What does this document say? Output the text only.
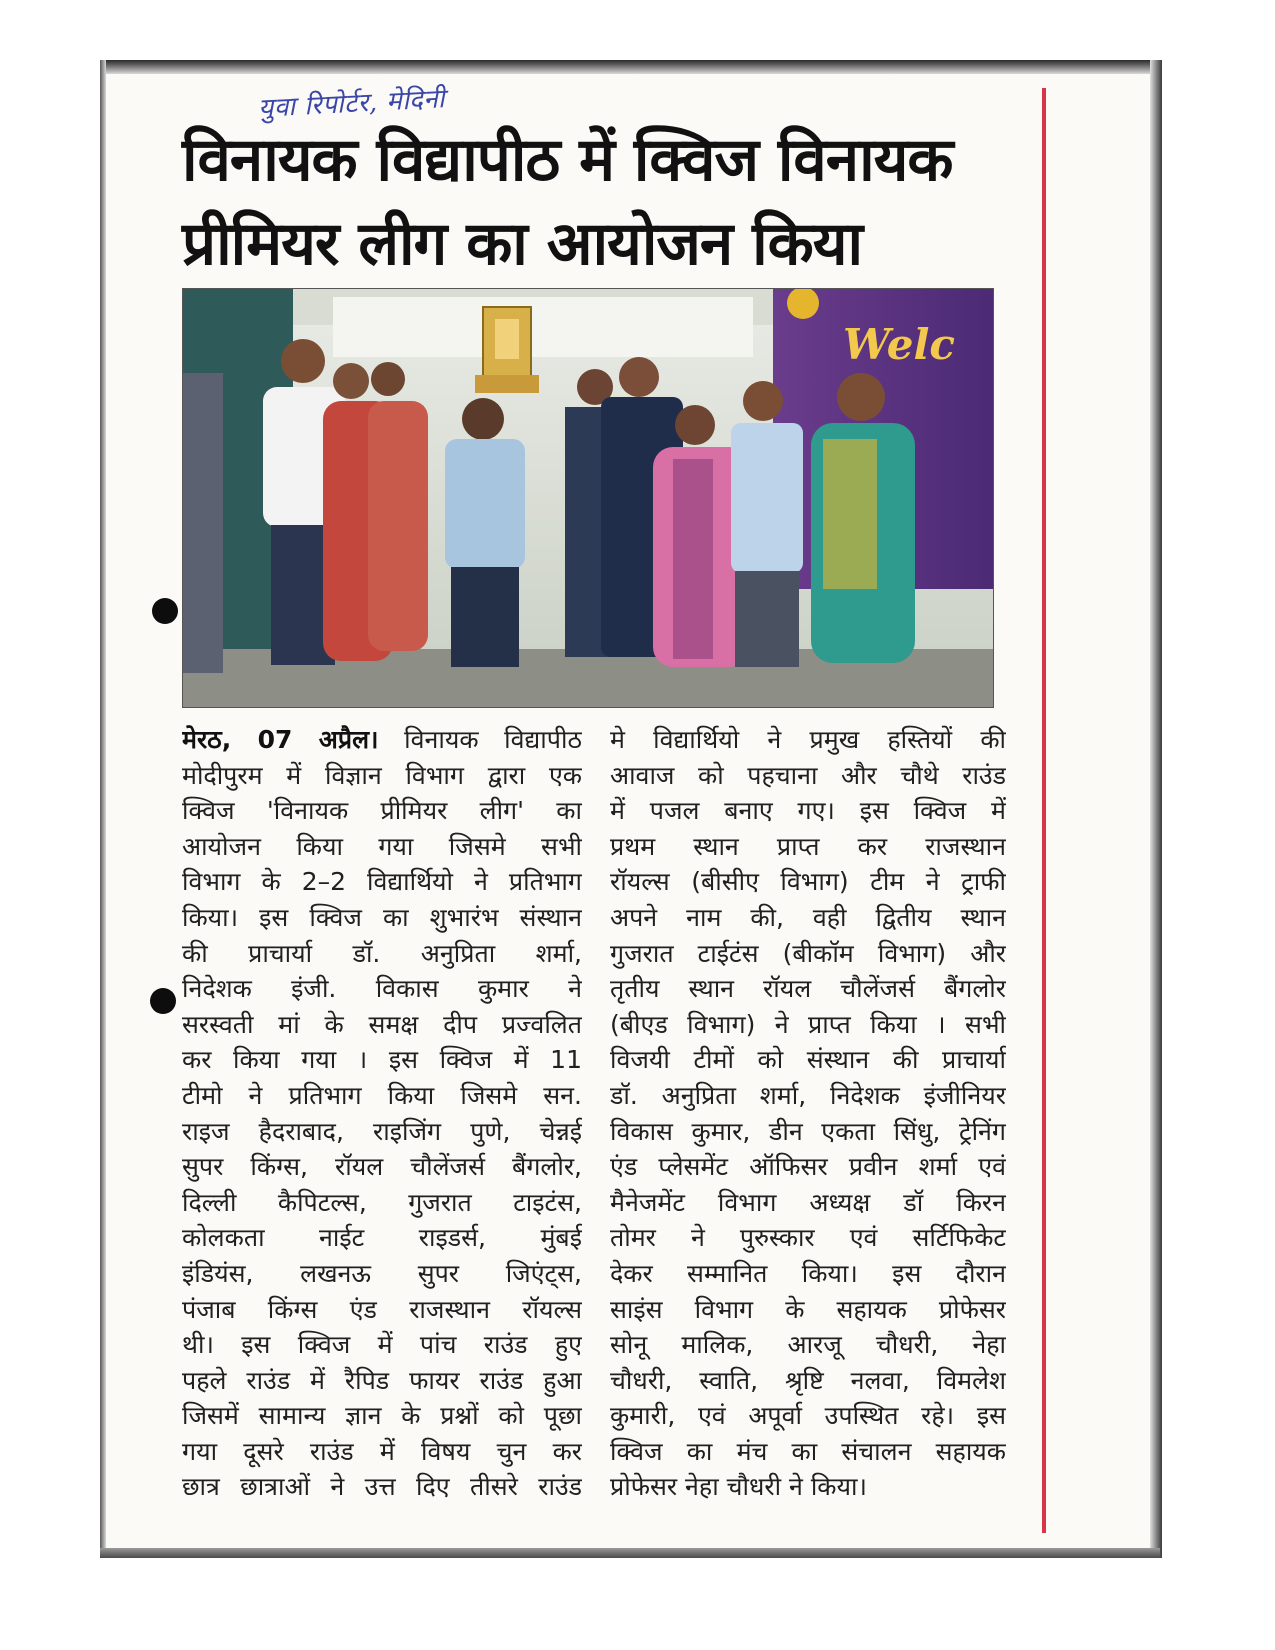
युवा रिपोर्टर, मेदिनी
विनायक विद्यापीठ में क्विज विनायक
प्रीमियर लीग का आयोजन किया
Welc
मेरठ, 07 अप्रैल। विनायक विद्यापीठ
मोदीपुरम में विज्ञान विभाग द्वारा एक
क्विज 'विनायक प्रीमियर लीग' का
आयोजन किया गया जिसमे सभी
विभाग के 2–2 विद्यार्थियो ने प्रतिभाग
किया। इस क्विज का शुभारंभ संस्थान
की प्राचार्या डॉ. अनुप्रिता शर्मा,
निदेशक इंजी. विकास कुमार ने
सरस्वती मां के समक्ष दीप प्रज्वलित
कर किया गया । इस क्विज में 11
टीमो ने प्रतिभाग किया जिसमे सन.
राइज हैदराबाद, राइजिंग पुणे, चेन्नई
सुपर किंग्स, रॉयल चौलेंजर्स बैंगलोर,
दिल्ली कैपिटल्स, गुजरात टाइटंस,
कोलकता नाईट राइडर्स, मुंबई
इंडियंस, लखनऊ सुपर जिएंट्स,
पंजाब किंग्स एंड राजस्थान रॉयल्स
थी। इस क्विज में पांच राउंड हुए
पहले राउंड में रैपिड फायर राउंड हुआ
जिसमें सामान्य ज्ञान के प्रश्नों को पूछा
गया दूसरे राउंड में विषय चुन कर
छात्र छात्राओं ने उत्त दिए तीसरे राउंड
मे विद्यार्थियो ने प्रमुख हस्तियों की
आवाज को पहचाना और चौथे राउंड
में पजल बनाए गए। इस क्विज में
प्रथम स्थान प्राप्त कर राजस्थान
रॉयल्स (बीसीए विभाग) टीम ने ट्राफी
अपने नाम की, वही द्वितीय स्थान
गुजरात टाईटंस (बीकॉम विभाग) और
तृतीय स्थान रॉयल चौलेंजर्स बैंगलोर
(बीएड विभाग) ने प्राप्त किया । सभी
विजयी टीमों को संस्थान की प्राचार्या
डॉ. अनुप्रिता शर्मा, निदेशक इंजीनियर
विकास कुमार, डीन एकता सिंधु, ट्रेनिंग
एंड प्लेसमेंट ऑफिसर प्रवीन शर्मा एवं
मैनेजमेंट विभाग अध्यक्ष डॉ किरन
तोमर ने पुरुस्कार एवं सर्टिफिकेट
देकर सम्मानित किया। इस दौरान
साइंस विभाग के सहायक प्रोफेसर
सोनू मालिक, आरजू चौधरी, नेहा
चौधरी, स्वाति, श्रृष्टि नलवा, विमलेश
कुमारी, एवं अपूर्वा उपस्थित रहे। इस
क्विज का मंच का संचालन सहायक
प्रोफेसर नेहा चौधरी ने किया।
